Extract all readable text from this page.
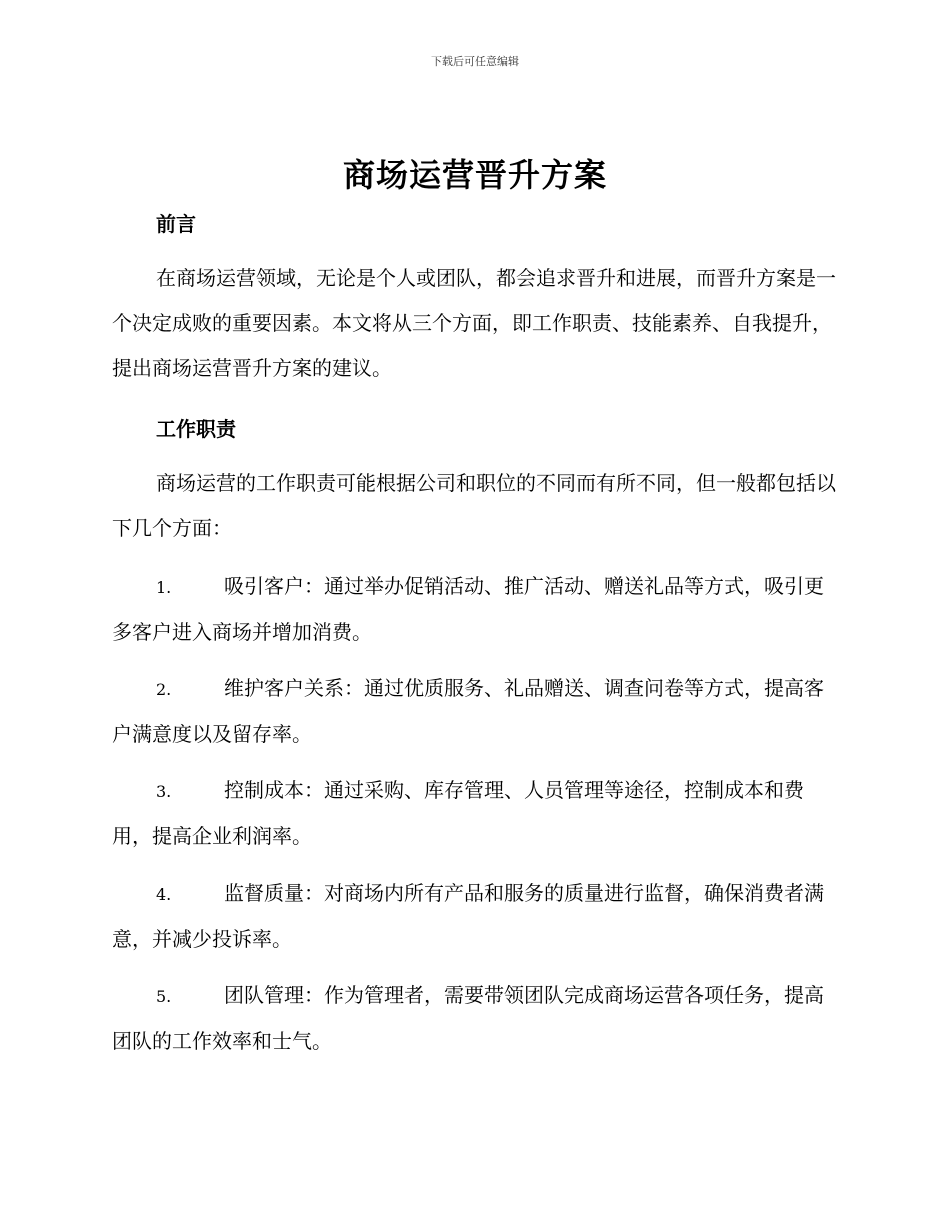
下载后可任意编辑
商场运营晋升方案
前言

在商场运营领域，无论是个人或团队，都会追求晋升和进展，而晋升方案是一个决定成败的重要因素。本文将从三个方面，即工作职责、技能素养、自我提升，提出商场运营晋升方案的建议。

工作职责

商场运营的工作职责可能根据公司和职位的不同而有所不同，但一般都包括以下几个方面：

1.	吸引客户：通过举办促销活动、推广活动、赠送礼品等方式，吸引更多客户进入商场并增加消费。

2.	维护客户关系：通过优质服务、礼品赠送、调查问卷等方式，提高客户满意度以及留存率。

3.	控制成本：通过采购、库存管理、人员管理等途径，控制成本和费用，提高企业利润率。

4.	监督质量：对商场内所有产品和服务的质量进行监督，确保消费者满意，并减少投诉率。

5.	团队管理：作为管理者，需要带领团队完成商场运营各项任务，提高团队的工作效率和士气。
